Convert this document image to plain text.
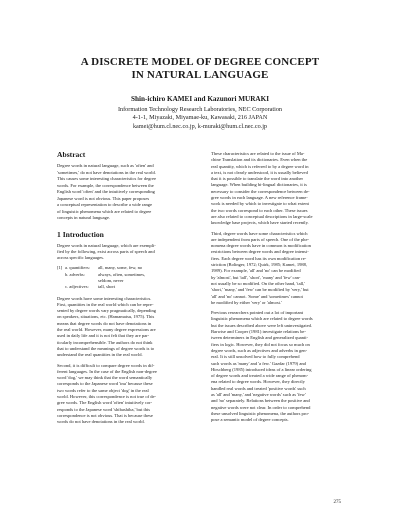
A DISCRETE MODEL OF DEGREE CONCEPT
IN NATURAL LANGUAGE
Shin-ichiro KAMEI and Kazunori MURAKI
Information Technology Research Laboratories, NEC Corporation
4-1-1, Miyazaki, Miyamae-ku, Kawasaki, 216 JAPAN
kamei@hum.cl.nec.co.jp, k-muraki@hum.cl.nec.co.jp
Abstract
Degree words in natural language, such as 'often' and
'sometimes,' do not have denotations in the real world.
This causes some interesting characteristics for degree
words. For example, the correspondence between the
English word 'often' and the intuitively corresponding
Japanese word is not obvious. This paper proposes
a conceptual representation to describe a wide range
of linguistic phenomena which are related to degree
concepts in natural language.
1 Introduction
Degree words in natural language, which are exempli-
fied by the following, exist across parts of speech and
across specific languages.
[1] a. quantifiers:	all, many, some, few, no
b. adverbs:	always, often, sometimes,
seldom, never
c. adjectives:	tall, short
Degree words have some interesting characteristics.
First, quantities in the real world which can be repre-
sented by degree words vary pragmatically, depending
on speakers, situations, etc. (Hamamatsu, 1975). This
means that degree words do not have denotations in
the real world. However, many degree expressions are
used in daily life and it is not felt that they are par-
ticularly incomprehensible. The authors do not think
that to understand the meanings of degree words is to
understand the real quantities in the real world.
Second, it is difficult to compare degree words in dif-
ferent languages. In the case of the English non-degree
word 'dog,' we may think that the word semantically
corresponds to the Japanese word 'inu' because these
two words refer to the same object 'dog' in the real
world. However, this correspondence is not true of de-
gree words. The English word 'often' intuitively cor-
responds to the Japanese word 'shibashiba,' but this
correspondence is not obvious. That is because these
words do not have denotations in the real world.
These characteristics are related to the issue of Ma-
chine Translation and its dictionaries. Even when the
real quantity, which is referred to by a degree word in
a text, is not clearly understood, it is usually believed
that it is possible to translate the word into another
language. When building bi-lingual dictionaries, it is
necessary to consider the correspondence between de-
gree words in each language. A new reference frame-
work is needed by which to investigate to what extent
the two words correspond to each other. These issues
are also related to conceptual descriptions in large-scale
knowledge base projects, which have started recently.
Third, degree words have some characteristics which
are independent from parts of speech. One of the phe-
nomena degree words have in common is modification
restrictions between degree words and degree intensi-
fiers. Each degree word has its own modification re-
striction (Bolinger, 1972; Quirk, 1985; Kamei, 1988,
1989). For example, 'all' and 'no' can be modified
by 'almost', but 'tall', 'short', 'many' and 'few' can-
not usually be so modified. On the other hand, 'tall,'
'short,' 'many,' and 'few' can be modified by 'very,' but
'all' and 'no' cannot. 'Some' and 'sometimes' cannot
be modified by either 'very' or 'almost.'
Previous researchers pointed out a lot of important
linguistic phenomena which are related to degree words
but the issues described above were left uninvestigated.
Barwise and Cooper (1981) investigate relations be-
tween determiners in English and generalized quanti-
fiers in logic. However, they did not focus so much on
degree words, such as adjectives and adverbs in gen-
eral. It is still unsolved how to fully comprehend
such words as 'many' and 'a few.' Gazdar (1979) and
Hirschberg (1985) introduced ideas of a linear ordering
of degree words and treated a wide range of phenom-
ena related to degree words. However, they directly
handled real words and treated 'positive words' such
as 'all' and 'many,' and 'negative words' such as 'few'
and 'no' separately. Relations between the positive and
negative words were not clear. In order to comprehend
these unsolved linguistic phenomena, the authors pro-
pose a semantic model of degree concepts.
275
